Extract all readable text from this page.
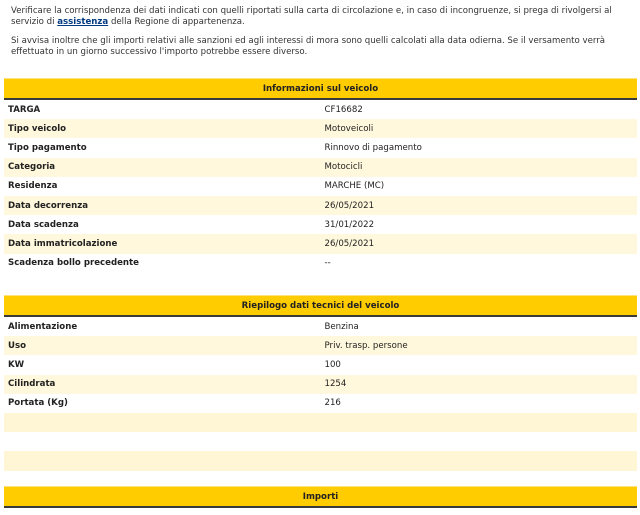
Verificare la corrispondenza dei dati indicati con quelli riportati sulla carta di circolazione e, in caso di incongruenze, si prega di rivolgersi al servizio di assistenza della Regione di appartenenza.

Si avvisa inoltre che gli importi relativi alle sanzioni ed agli interessi di mora sono quelli calcolati alla data odierna. Se il versamento verrà effettuato in un giorno successivo l'importo potrebbe essere diverso.

Informazioni sul veicolo	
TARGA	CF16682
Tipo veicolo	Motoveicoli
Tipo pagamento	Rinnovo di pagamento
Categoria	Motocicli
Residenza	MARCHE (MC)
Data decorrenza	26/05/2021
Data scadenza	31/01/2022
Data immatricolazione	26/05/2021
Scadenza bollo precedente	--
Riepilogo dati tecnici del veicolo	
Alimentazione	Benzina
Uso	Priv. trasp. persone
KW	100
Cilindrata	1254
Portata (Kg)	216

Importi
